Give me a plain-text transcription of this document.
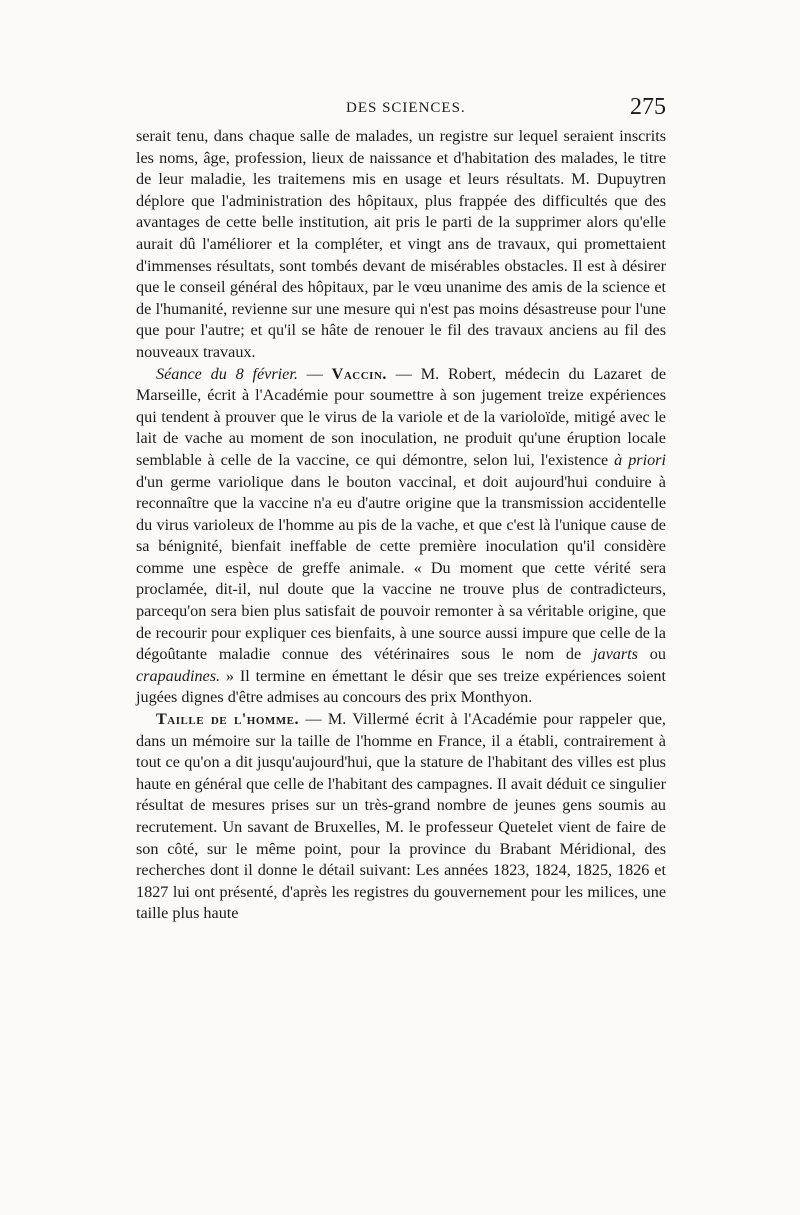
DES SCIENCES.	275

serait tenu, dans chaque salle de malades, un registre sur lequel seraient inscrits les noms, âge, profession, lieux de naissance et d'habitation des malades, le titre de leur maladie, les traitemens mis en usage et leurs résultats. M. Dupuytren déplore que l'administration des hôpitaux, plus frappée des difficultés que des avantages de cette belle institution, ait pris le parti de la supprimer alors qu'elle aurait dû l'améliorer et la compléter, et vingt ans de travaux, qui promettaient d'immenses résultats, sont tombés devant de misérables obstacles. Il est à désirer que le conseil général des hôpitaux, par le vœu unanime des amis de la science et de l'humanité, revienne sur une mesure qui n'est pas moins désastreuse pour l'une que pour l'autre; et qu'il se hâte de renouer le fil des travaux anciens au fil des nouveaux travaux.

Séance du 8 février. — Vaccin. — M. Robert, médecin du Lazaret de Marseille, écrit à l'Académie pour soumettre à son jugement treize expériences qui tendent à prouver que le virus de la variole et de la varioloïde, mitigé avec le lait de vache au moment de son inoculation, ne produit qu'une éruption locale semblable à celle de la vaccine, ce qui démontre, selon lui, l'existence à priori d'un germe variolique dans le bouton vaccinal, et doit aujourd'hui conduire à reconnaître que la vaccine n'a eu d'autre origine que la transmission accidentelle du virus varioleux de l'homme au pis de la vache, et que c'est là l'unique cause de sa bénignité, bienfait ineffable de cette première inoculation qu'il considère comme une espèce de greffe animale. « Du moment que cette vérité sera proclamée, dit-il, nul doute que la vaccine ne trouve plus de contradicteurs, parcequ'on sera bien plus satisfait de pouvoir remonter à sa véritable origine, que de recourir pour expliquer ces bienfaits, à une source aussi impure que celle de la dégoûtante maladie connue des vétérinaires sous le nom de javarts ou crapaudines. » Il termine en émettant le désir que ses treize expériences soient jugées dignes d'être admises au concours des prix Monthyon.

Taille de l'homme. — M. Villermé écrit à l'Académie pour rappeler que, dans un mémoire sur la taille de l'homme en France, il a établi, contrairement à tout ce qu'on a dit jusqu'aujourd'hui, que la stature de l'habitant des villes est plus haute en général que celle de l'habitant des campagnes. Il avait déduit ce singulier résultat de mesures prises sur un très-grand nombre de jeunes gens soumis au recrutement. Un savant de Bruxelles, M. le professeur Quetelet vient de faire de son côté, sur le même point, pour la province du Brabant Méridional, des recherches dont il donne le détail suivant: Les années 1823, 1824, 1825, 1826 et 1827 lui ont présenté, d'après les registres du gouvernement pour les milices, une taille plus haute
